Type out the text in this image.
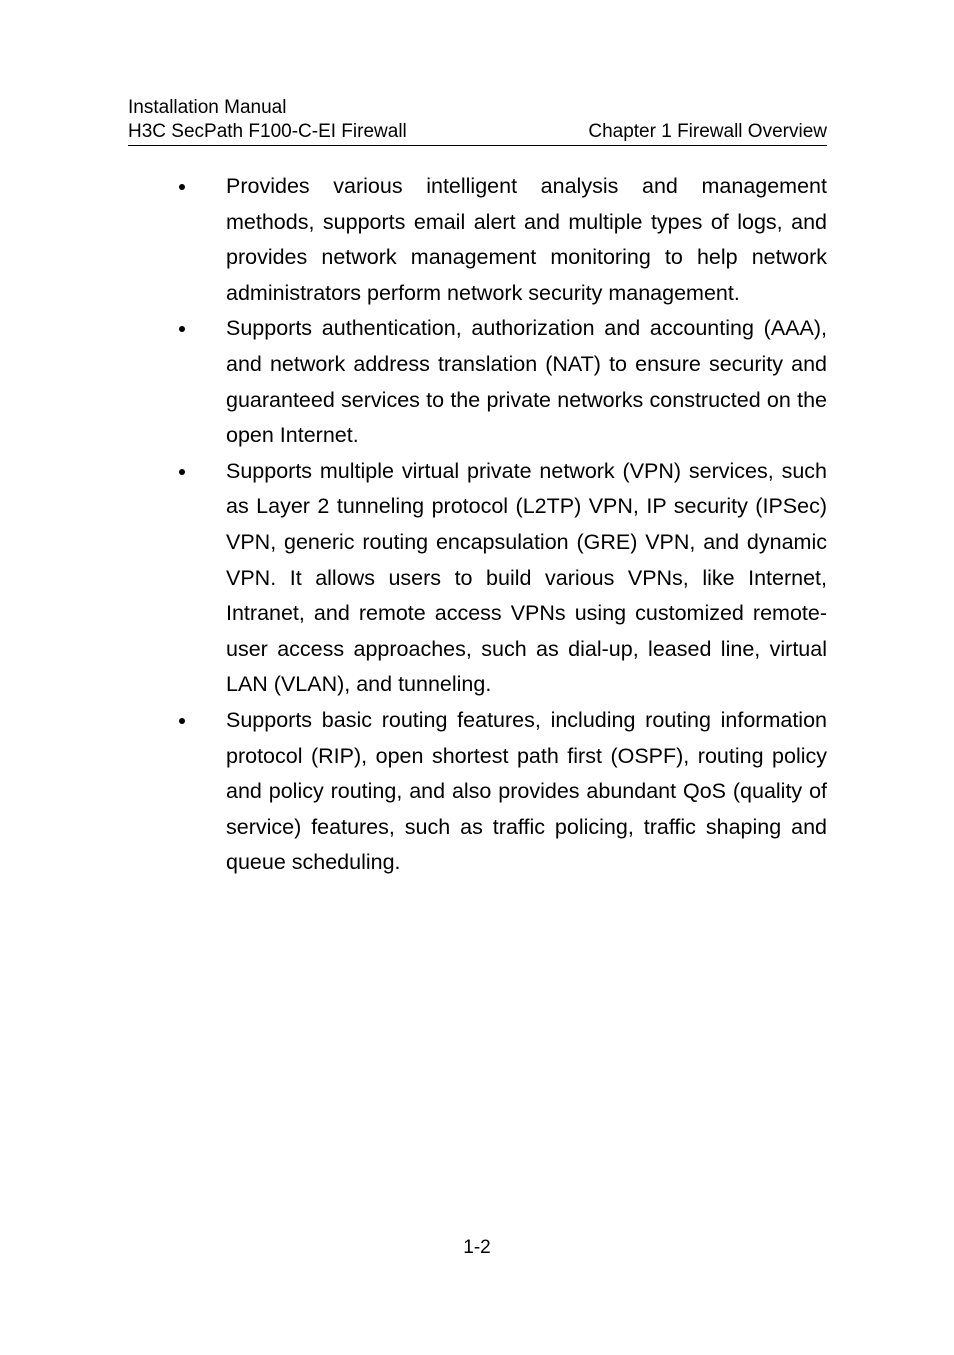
Installation Manual
H3C SecPath F100-C-EI Firewall	Chapter 1 Firewall Overview
Provides various intelligent analysis and management methods, supports email alert and multiple types of logs, and provides network management monitoring to help network administrators perform network security management.
Supports authentication, authorization and accounting (AAA), and network address translation (NAT) to ensure security and guaranteed services to the private networks constructed on the open Internet.
Supports multiple virtual private network (VPN) services, such as Layer 2 tunneling protocol (L2TP) VPN, IP security (IPSec) VPN, generic routing encapsulation (GRE) VPN, and dynamic VPN. It allows users to build various VPNs, like Internet, Intranet, and remote access VPNs using customized remote-user access approaches, such as dial-up, leased line, virtual LAN (VLAN), and tunneling.
Supports basic routing features, including routing information protocol (RIP), open shortest path first (OSPF), routing policy and policy routing, and also provides abundant QoS (quality of service) features, such as traffic policing, traffic shaping and queue scheduling.
1-2
